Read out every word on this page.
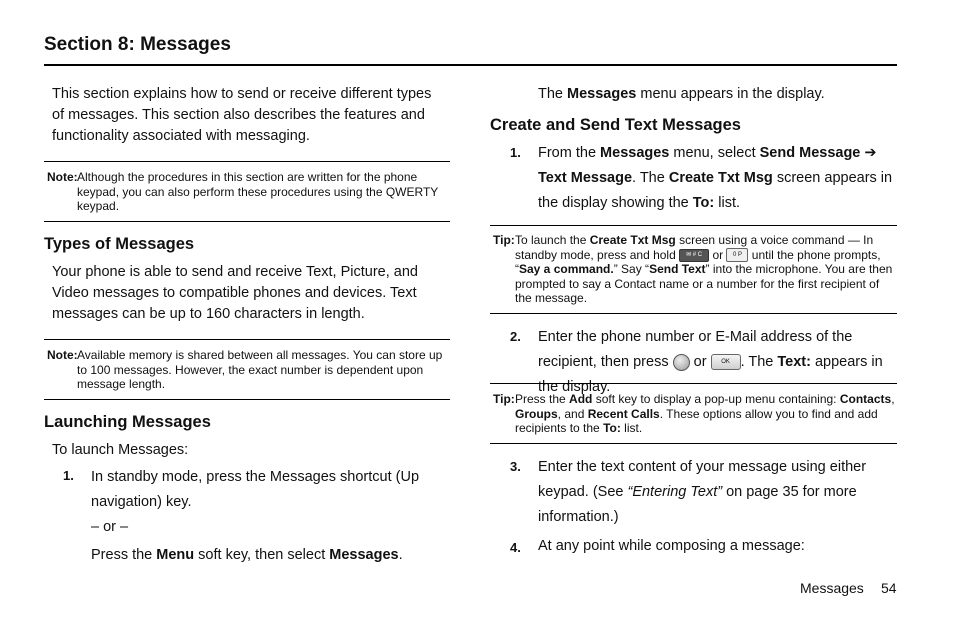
Section 8: Messages
This section explains how to send or receive different types of messages. This section also describes the features and functionality associated with messaging.
Note: Although the procedures in this section are written for the phone keypad, you can also perform these procedures using the QWERTY keypad.
Types of Messages
Your phone is able to send and receive Text, Picture, and Video messages to compatible phones and devices. Text messages can be up to 160 characters in length.
Note: Available memory is shared between all messages. You can store up to 100 messages. However, the exact number is dependent upon message length.
Launching Messages
To launch Messages:
1. In standby mode, press the Messages shortcut (Up navigation) key.
– or –
Press the Menu soft key, then select Messages.
The Messages menu appears in the display.
Create and Send Text Messages
1. From the Messages menu, select Send Message ➔ Text Message. The Create Txt Msg screen appears in the display showing the To: list.
Tip: To launch the Create Txt Msg screen using a voice command — In standby mode, press and hold ✉ # C or 0 P until the phone prompts, “Say a command.” Say “Send Text” into the microphone. You are then prompted to say a Contact name or a number for the first recipient of the message.
2. Enter the phone number or E-Mail address of the recipient, then press  or OK . The Text: appears in the display.
Tip: Press the Add soft key to display a pop-up menu containing: Contacts, Groups, and Recent Calls. These options allow you to find and add recipients to the To: list.
3. Enter the text content of your message using either keypad. (See “Entering Text” on page 35 for more information.)
4. At any point while composing a message:
Messages 54
